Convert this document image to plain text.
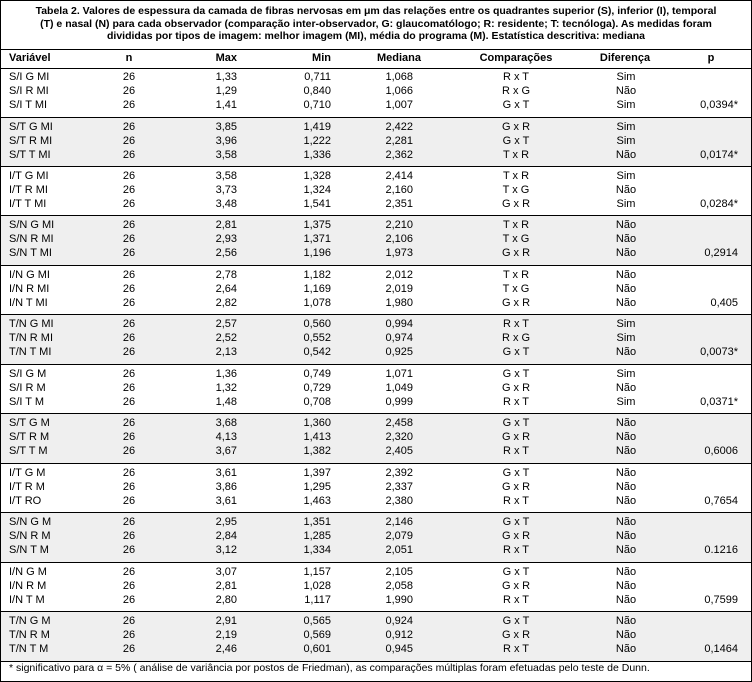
Tabela 2. Valores de espessura da camada de fibras nervosas em μm das relações entre os quadrantes superior (S), inferior (I), temporal
(T) e nasal (N) para cada observador (comparação inter-observador, G: glaucomatólogo; R: residente; T: tecnóloga). As medidas foram
divididas por tipos de imagem: melhor imagem (MI), média do programa (M). Estatística descritiva: mediana
Variável	n	Max	Min	Mediana	Comparações	Diferença	p
S/I G MI	26	1,33	0,711	1,068	R x T	Sim
S/I R MI	26	1,29	0,840	1,066	R x G	Não
S/I T MI	26	1,41	0,710	1,007	G x T	Sim	0,0394*
S/T G MI	26	3,85	1,419	2,422	G x R	Sim
S/T R MI	26	3,96	1,222	2,281	G x T	Sim
S/T T MI	26	3,58	1,336	2,362	T x R	Não	0,0174*
I/T G MI	26	3,58	1,328	2,414	T x R	Sim
I/T R MI	26	3,73	1,324	2,160	T x G	Não
I/T T MI	26	3,48	1,541	2,351	G x R	Sim	0,0284*
S/N G MI	26	2,81	1,375	2,210	T x R	Não
S/N R MI	26	2,93	1,371	2,106	T x G	Não
S/N T MI	26	2,56	1,196	1,973	G x R	Não	0,2914
I/N G MI	26	2,78	1,182	2,012	T x R	Não
I/N R MI	26	2,64	1,169	2,019	T x G	Não
I/N T MI	26	2,82	1,078	1,980	G x R	Não	0,405
T/N G MI	26	2,57	0,560	0,994	R x T	Sim
T/N R MI	26	2,52	0,552	0,974	R x G	Sim
T/N T MI	26	2,13	0,542	0,925	G x T	Não	0,0073*
S/I G M	26	1,36	0,749	1,071	G x T	Sim
S/I R M	26	1,32	0,729	1,049	G x R	Não
S/I T M	26	1,48	0,708	0,999	R x T	Sim	0,0371*
S/T G M	26	3,68	1,360	2,458	G x T	Não
S/T R M	26	4,13	1,413	2,320	G x R	Não
S/T T M	26	3,67	1,382	2,405	R x T	Não	0,6006
I/T G M	26	3,61	1,397	2,392	G x T	Não
I/T R M	26	3,86	1,295	2,337	G x R	Não
I/T RO	26	3,61	1,463	2,380	R x T	Não	0,7654
S/N G M	26	2,95	1,351	2,146	G x T	Não
S/N R M	26	2,84	1,285	2,079	G x R	Não
S/N T M	26	3,12	1,334	2,051	R x T	Não	0.1216
I/N G M	26	3,07	1,157	2,105	G x T	Não
I/N R M	26	2,81	1,028	2,058	G x R	Não
I/N T M	26	2,80	1,117	1,990	R x T	Não	0,7599
T/N G M	26	2,91	0,565	0,924	G x T	Não
T/N R M	26	2,19	0,569	0,912	G x R	Não
T/N T M	26	2,46	0,601	0,945	R x T	Não	0,1464
* significativo para α = 5% ( análise de variância por postos de Friedman), as comparações múltiplas foram efetuadas pelo teste de Dunn.
